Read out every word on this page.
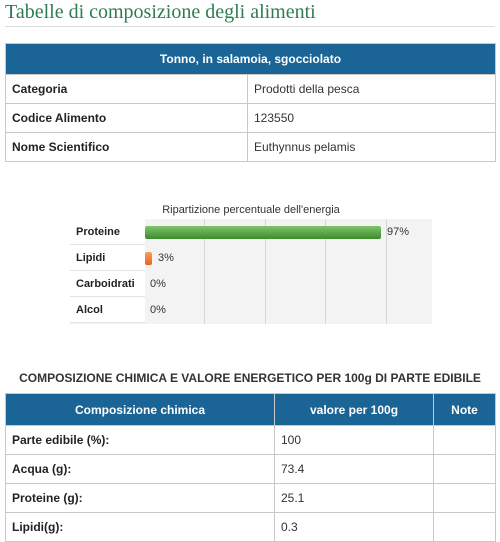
Tabelle di composizione degli alimenti
Tonno, in salamoia, sgocciolato	
Categoria	Prodotti della pesca
Codice Alimento	123550
Nome Scientifico	Euthynnus pelamis
Ripartizione percentuale dell'energia
Proteine	97%
Lipidi	3%
Carboidrati	0%
Alcol	0%
COMPOSIZIONE CHIMICA E VALORE ENERGETICO PER 100g DI PARTE EDIBILE
Composizione chimica	valore per 100g	Note
Parte edibile (%):	100	
Acqua (g):	73.4	
Proteine (g):	25.1	
Lipidi(g):	0.3	
